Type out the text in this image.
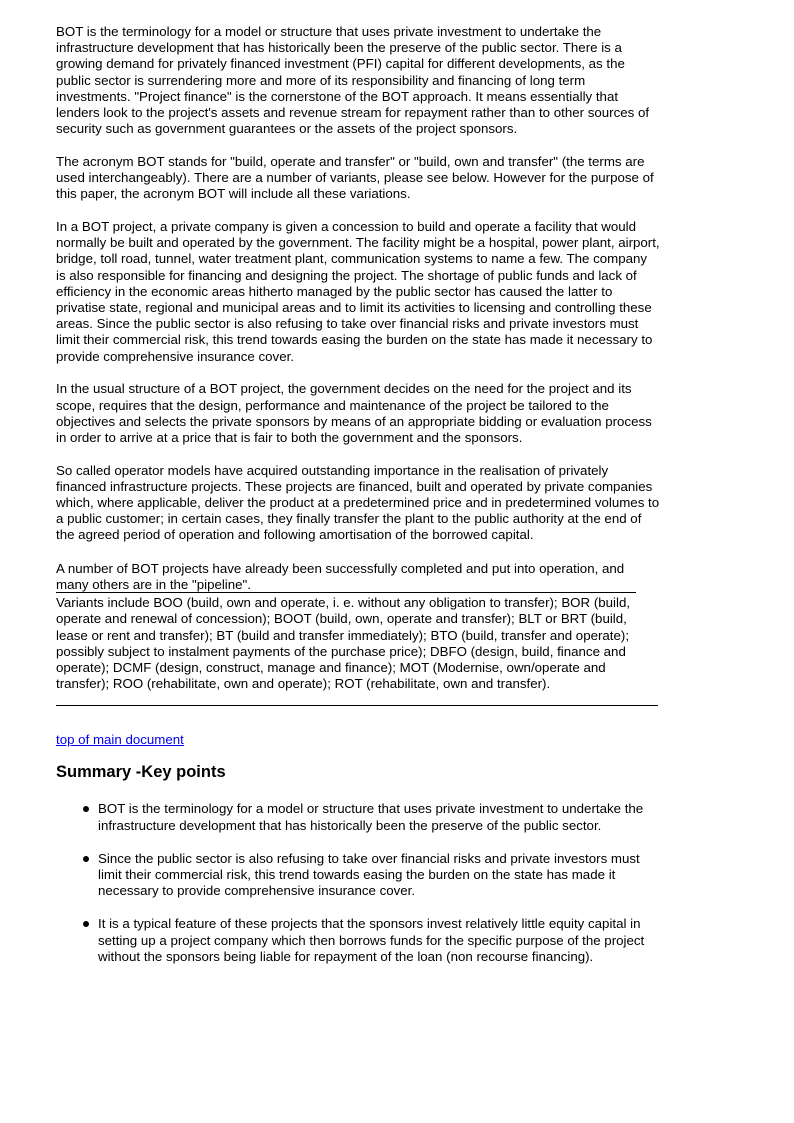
BOT is the terminology for a model or structure that uses private investment to undertake the infrastructure development that has historically been the preserve of the public sector. There is a growing demand for privately financed investment (PFI) capital for different developments, as the public sector is surrendering more and more of its responsibility and financing of long term investments. "Project finance" is the cornerstone of the BOT approach. It means essentially that lenders look to the project's assets and revenue stream for repayment rather than to other sources of security such as government guarantees or the assets of the project sponsors.

The acronym BOT stands for "build, operate and transfer" or "build, own and transfer" (the terms are used interchangeably). There are a number of variants, please see below. However for the purpose of this paper, the acronym BOT will include all these variations.

In a BOT project, a private company is given a concession to build and operate a facility that would normally be built and operated by the government. The facility might be a hospital, power plant, airport, bridge, toll road, tunnel, water treatment plant, communication systems to name a few. The company is also responsible for financing and designing the project. The shortage of public funds and lack of efficiency in the economic areas hitherto managed by the public sector has caused the latter to privatise state, regional and municipal areas and to limit its activities to licensing and controlling these areas. Since the public sector is also refusing to take over financial risks and private investors must limit their commercial risk, this trend towards easing the burden on the state has made it necessary to provide comprehensive insurance cover.

In the usual structure of a BOT project, the government decides on the need for the project and its scope, requires that the design, performance and maintenance of the project be tailored to the objectives and selects the private sponsors by means of an appropriate bidding or evaluation process in order to arrive at a price that is fair to both the government and the sponsors.

So called operator models have acquired outstanding importance in the realisation of privately financed infrastructure projects. These projects are financed, built and operated by private companies which, where applicable, deliver the product at a predetermined price and in predetermined volumes to a public customer; in certain cases, they finally transfer the plant to the public authority at the end of the agreed period of operation and following amortisation of the borrowed capital.

A number of BOT projects have already been successfully completed and put into operation, and many others are in the "pipeline".

Variants include BOO (build, own and operate, i. e. without any obligation to transfer); BOR (build, operate and renewal of concession); BOOT (build, own, operate and transfer); BLT or BRT (build, lease or rent and transfer); BT (build and transfer immediately); BTO (build, transfer and operate); possibly subject to instalment payments of the purchase price); DBFO (design, build, finance and operate); DCMF (design, construct, manage and finance); MOT (Modernise, own/operate and transfer); ROO (rehabilitate, own and operate); ROT (rehabilitate, own and transfer).
top of main document
Summary -Key points
BOT is the terminology for a model or structure that uses private investment to undertake the infrastructure development that has historically been the preserve of the public sector.
Since the public sector is also refusing to take over financial risks and private investors must limit their commercial risk, this trend towards easing the burden on the state has made it necessary to provide comprehensive insurance cover.
It is a typical feature of these projects that the sponsors invest relatively little equity capital in setting up a project company which then borrows funds for the specific purpose of the project without the sponsors being liable for repayment of the loan (non recourse financing).
